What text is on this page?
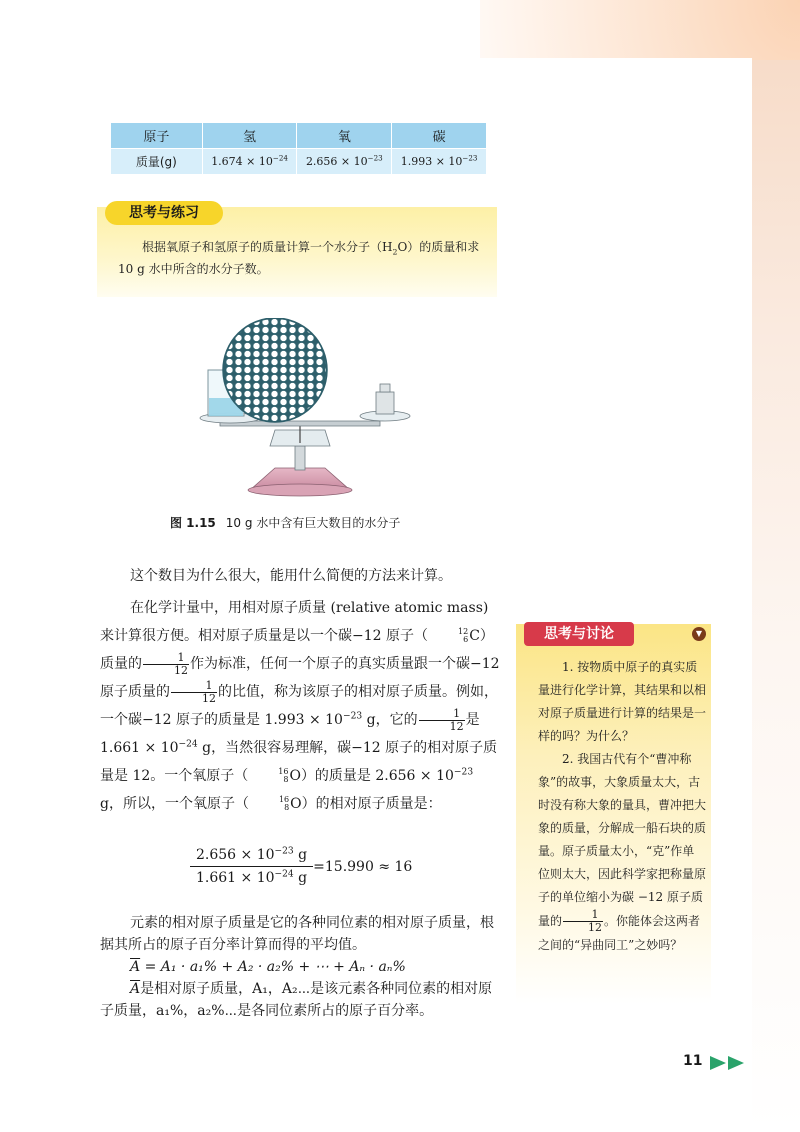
原子	氢	氧	碳
质量(g)	$1.674 \times 10^{-24}$	$2.656 \times 10^{-23}$	$1.993 \times 10^{-23}$
思考与练习
根据氧原子和氢原子的质量计算一个水分子$(H_2O)$的质量和求 10 g 水中所含的水分子数。
图 1.15 10 g 水中含有巨大数目的水分子

这个数目为什么很大，能用什么简便的方法来计算。

在化学计量中，用相对原子质量 (relative atomic mass) 来计算很方便。相对原子质量是以一个碳−12 原子（	12
6 C）质量的 $\frac{1}{12}$ 作为标准，任何一个原子的真实质量跟一个碳−12 原子质量的 $\frac{1}{12}$ 的比值，称为该原子的相对原子质量。例如，一个碳−12 原子的质量是 $1.993 \times 10^{-23}$ g，它的 $\frac{1}{12}$ 是 $1.661 \times 10^{-24}$ g，当然很容易理解，碳−12 原子的相对原子质量是 12。一个氧原子（	16
8 O）的质量是 $2.656 \times 10^{-23}$ g，所以，一个氧原子（	16
8 O）的相对原子质量是：

$\frac{2.656 \times 10^{-23} g}{1.661 \times 10^{-24} g} =15.990 \approx 16$

元素的相对原子质量是它的各种同位素的相对原子质量，根据其所占的原子百分率计算而得的平均值。

$\overline{A} = A_1 \cdot a_1\% + A_2 \cdot a_2\%$ + ⋯ + Aₙ · aₙ%

$\overline{A}$是相对原子质量，A₁，A₂⋯是该元素各种同位素的相对原子质量，a₁%，a₂%⋯是各同位素所占的原子百分率。

思考与讨论	▼

1. 按物质中原子的真实质量进行化学计算，其结果和以相对原子质量进行计算的结果是一样的吗？为什么？

2. 我国古代有个“曹冲称象”的故事，大象质量太大，古时没有称大象的量具，曹冲把大象的质量，分解成一船石块的质量。原子质量太小，“克”作单位则太大，因此科学家把称量原子的单位缩小为碳 −12 原子质量的 $\frac{1}{12}$ 。你能体会这两者之间的“异曲同工”之妙吗？

11
